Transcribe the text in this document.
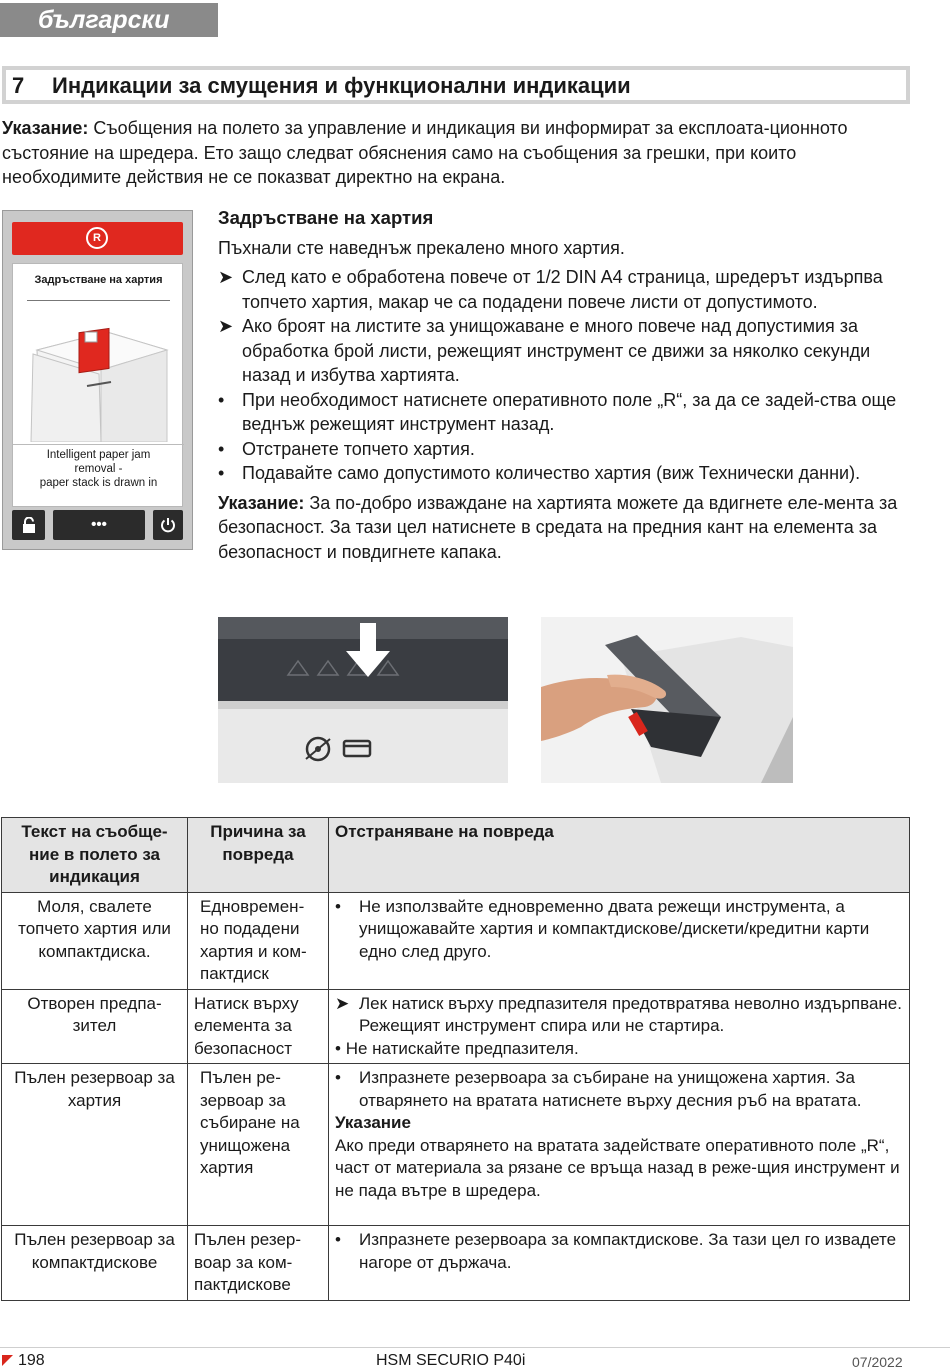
български
7 Индикации за смущения и функционални индикации

Указание: Съобщения на полето за управление и индикация ви информират за експлоата-ционното състояние на шредера. Ето защо следват обяснения само на съобщения за грешки, при които необходимите действия не се показват директно на екрана.

R
Задръстване на хартия
Intelligent paper jam
removal -
paper stack is drawn in
•••
Задръстване на хартия
Пъхнали сте наведнъж прекалено много хартия.
➤ След като е обработена повече от 1/2 DIN A4 страница, шредерът издърпва топчето хартия, макар че са подадени повече листи от допустимото.
➤ Ако броят на листите за унищожаване е много повече над допустимия за обработка брой листи, режещият инструмент се движи за няколко секунди назад и избутва хартията.
• При необходимост натиснете оперативното поле „R“, за да се задей-ства още веднъж режещият инструмент назад.
• Отстранете топчето хартия.
• Подавайте само допустимото количество хартия (виж Технически данни).
Указание: За по-добро изваждане на хартията можете да вдигнете еле-мента за безопасност. За тази цел натиснете в средата на предния кант на елемента за безопасност и повдигнете капака.
Текст на съобще-ние в полето за индикация	Причина за повреда	Отстраняване на повреда
Моля, свалете топчето хартия или компактдиска.	Едновремен-но подадени хартия и ком-пактдиск	• Не използвайте едновременно двата режещи инструмента, а унищожавайте хартия и компактдискове/дискети/кредитни карти едно след друго.

Отворен предпа-зител	Натиск върху елемента за безопасност	➤ Лек натиск върху предпазителя предотвратява неволно издърпване. Режещият инструмент спира или не стартира.
• Не натискайте предпазителя.

Пълен резервоар за хартия	Пълен ре-зервоар за събиране на унищожена хартия	• Изпразнете резервоара за събиране на унищожена хартия. За отварянето на вратата натиснете върху десния ръб на вратата.
Указание
Ако преди отварянето на вратата задействате оперативното поле „R“, част от материала за рязане се връща назад в реже-щия инструмент и не пада вътре в шредера.

Пълен резервоар за компактдискове	Пълен резер-воар за ком-пактдискове	• Изпразнете резервоара за компактдискове. За тази цел го извадете нагоре от държача.
198	HSM SECURIO P40i	07/2022
